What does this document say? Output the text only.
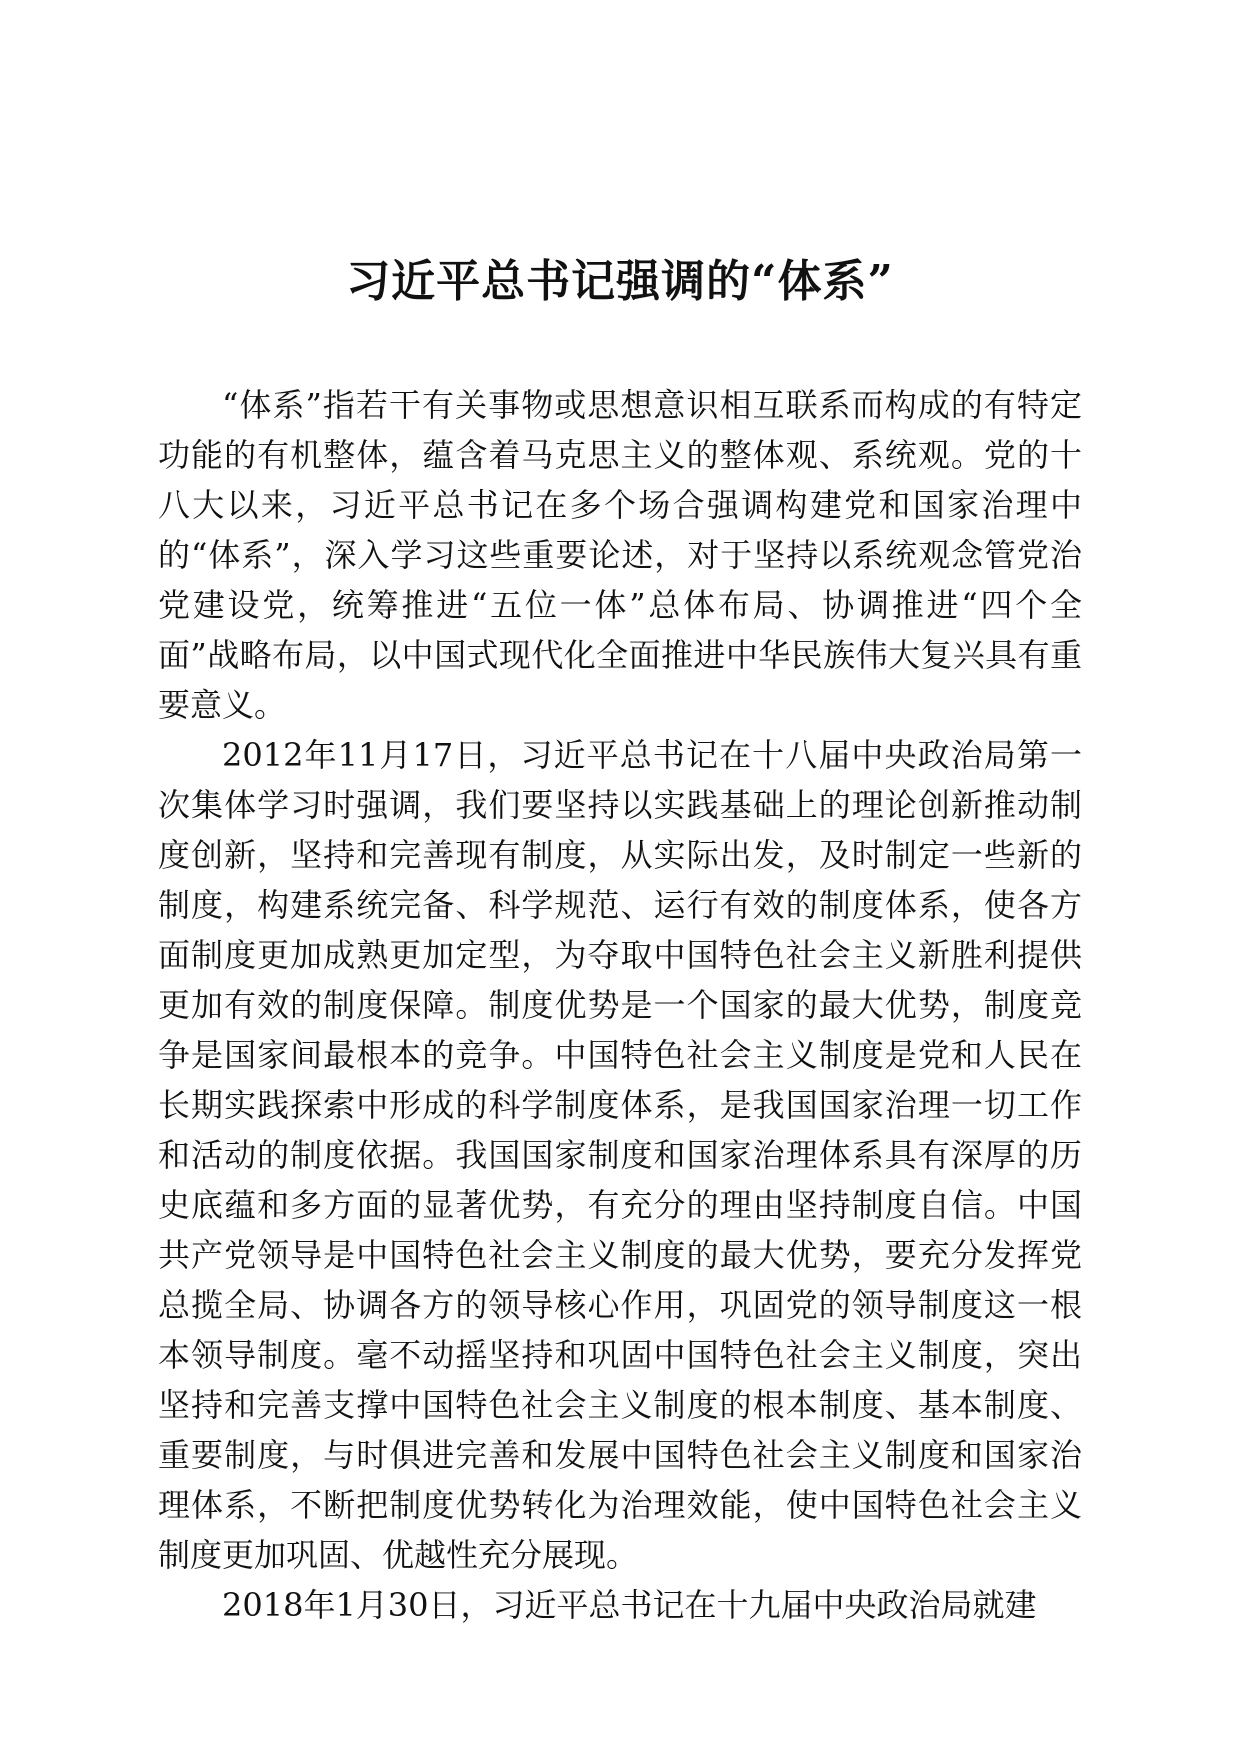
习近平总书记强调的“体系”

“体系”指若干有关事物或思想意识相互联系而构成的有特定功能的有机整体，蕴含着马克思主义的整体观、系统观。党的十八大以来，习近平总书记在多个场合强调构建党和国家治理中的“体系”，深入学习这些重要论述，对于坚持以系统观念管党治党建设党，统筹推进“五位一体”总体布局、协调推进“四个全面”战略布局，以中国式现代化全面推进中华民族伟大复兴具有重要意义。

2012年11月17日，习近平总书记在十八届中央政治局第一次集体学习时强调，我们要坚持以实践基础上的理论创新推动制度创新，坚持和完善现有制度，从实际出发，及时制定一些新的制度，构建系统完备、科学规范、运行有效的制度体系，使各方面制度更加成熟更加定型，为夺取中国特色社会主义新胜利提供更加有效的制度保障。制度优势是一个国家的最大优势，制度竞争是国家间最根本的竞争。中国特色社会主义制度是党和人民在长期实践探索中形成的科学制度体系，是我国国家治理一切工作和活动的制度依据。我国国家制度和国家治理体系具有深厚的历史底蕴和多方面的显著优势，有充分的理由坚持制度自信。中国共产党领导是中国特色社会主义制度的最大优势，要充分发挥党总揽全局、协调各方的领导核心作用，巩固党的领导制度这一根本领导制度。毫不动摇坚持和巩固中国特色社会主义制度，突出坚持和完善支撑中国特色社会主义制度的根本制度、基本制度、重要制度，与时俱进完善和发展中国特色社会主义制度和国家治理体系，不断把制度优势转化为治理效能，使中国特色社会主义制度更加巩固、优越性充分展现。

2018年1月30日，习近平总书记在十九届中央政治局就建
